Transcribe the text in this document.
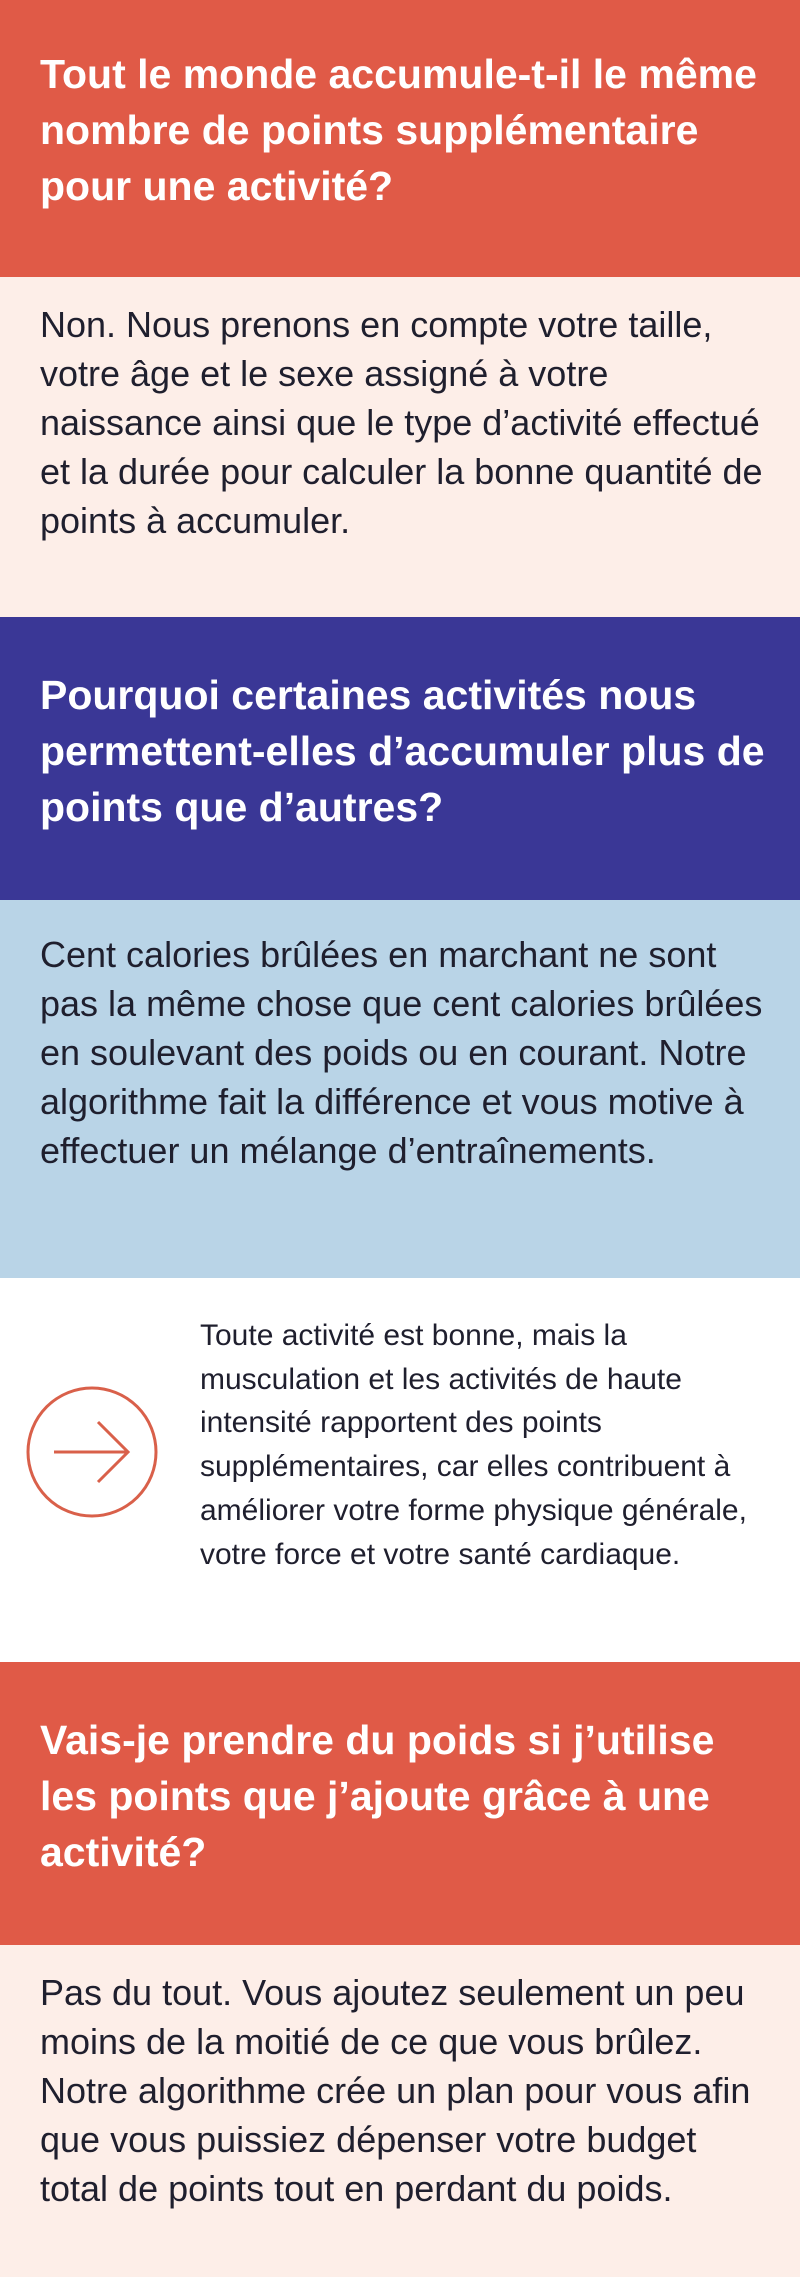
Tout le monde accumule-t-il le même nombre de points supplémentaire pour une activité?

Non. Nous prenons en compte votre taille, votre âge et le sexe assigné à votre naissance ainsi que le type d’activité effectué et la durée pour calculer la bonne quantité de points à accumuler.

Pourquoi certaines activités nous permettent-elles d’accumuler plus de points que d’autres?

Cent calories brûlées en marchant ne sont pas la même chose que cent calories brûlées en soulevant des poids ou en courant. Notre algorithme fait la différence et vous motive à effectuer un mélange d’entraînements.

Toute activité est bonne, mais la musculation et les activités de haute intensité rapportent des points supplémentaires, car elles contribuent à améliorer votre forme physique générale, votre force et votre santé cardiaque.

Vais-je prendre du poids si j’utilise les points que j’ajoute grâce à une activité?

Pas du tout. Vous ajoutez seulement un peu moins de la moitié de ce que vous brûlez. Notre algorithme crée un plan pour vous afin que vous puissiez dépenser votre budget total de points tout en perdant du poids.
